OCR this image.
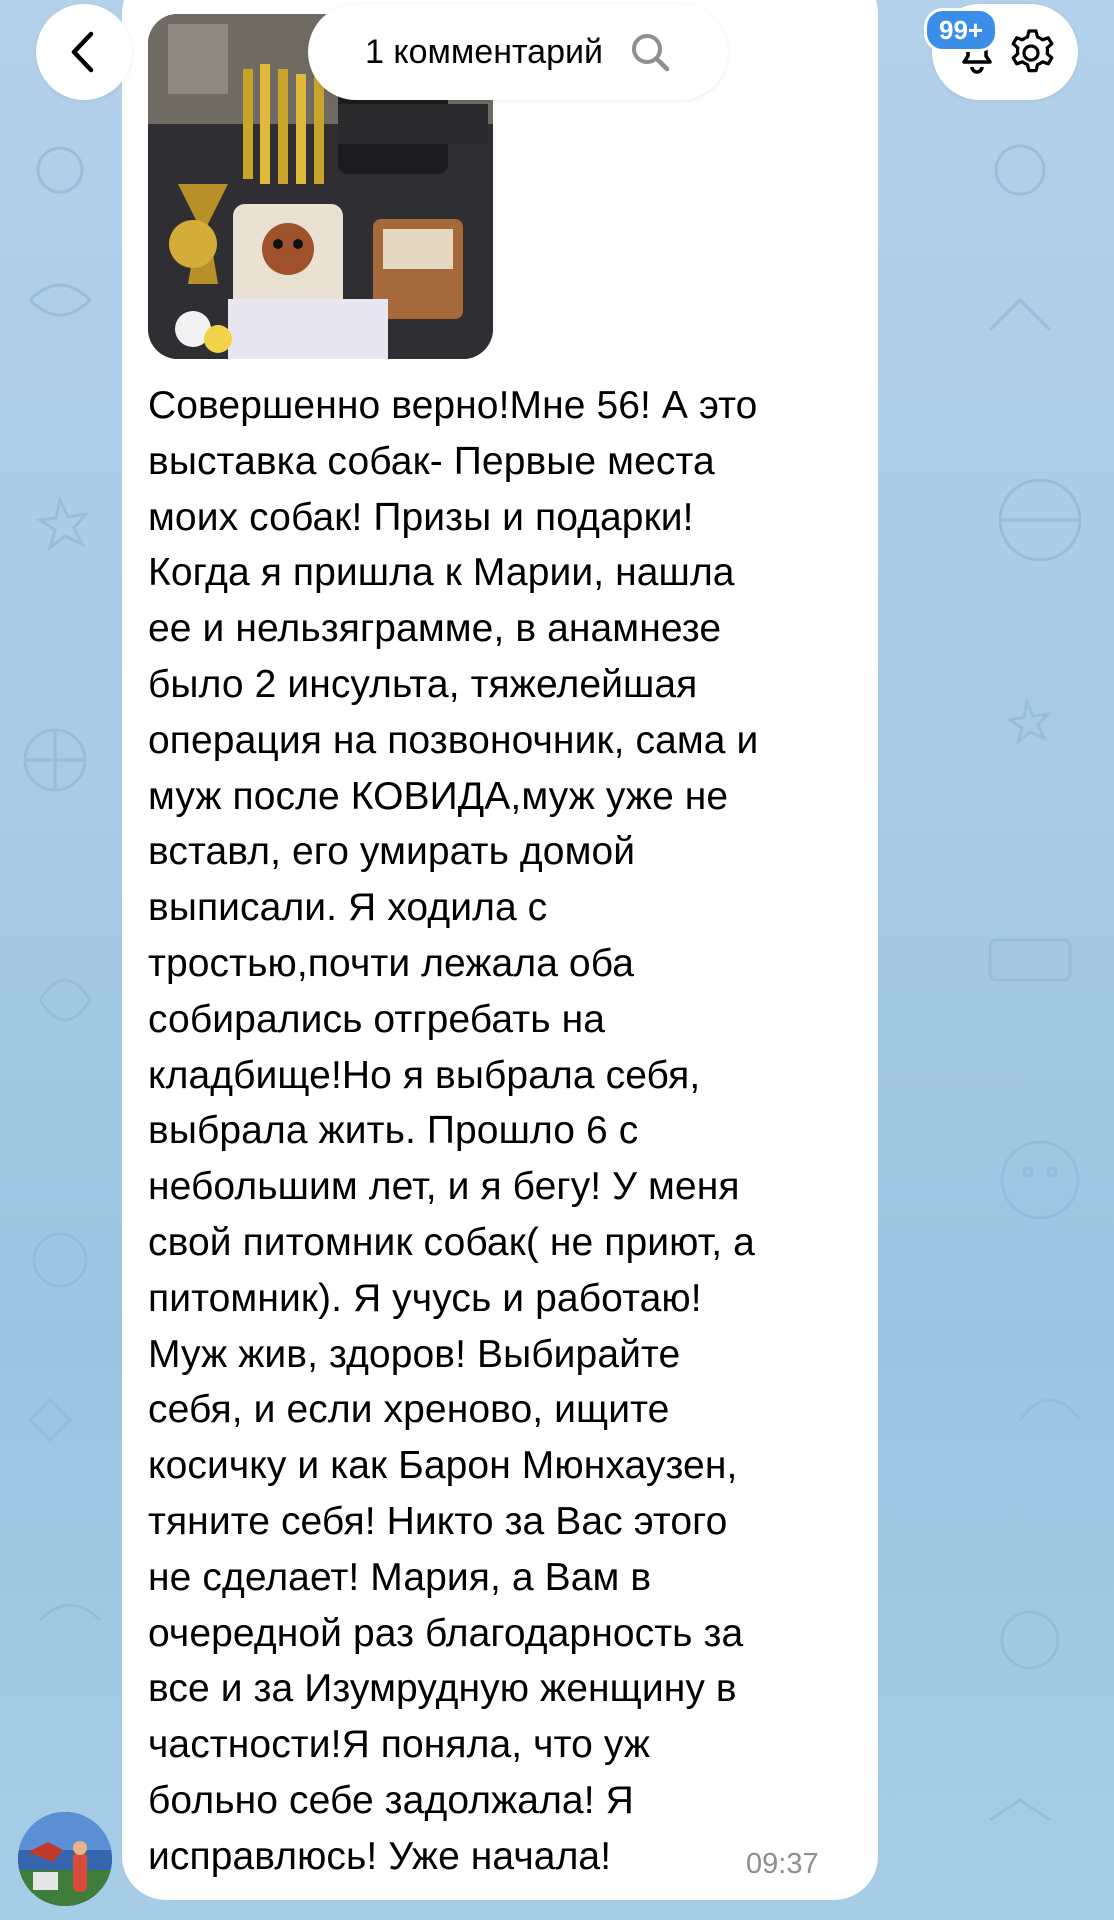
Совершенно верно!Мне 56! А это
выставка собак- Первые места
моих собак! Призы и подарки!
Когда я пришла к Марии, нашла
ее и нельзяграмме, в анамнезе
было 2 инсульта, тяжелейшая
операция на позвоночник, сама и
муж после КОВИДА,муж уже не
вставл, его умирать домой
выписали. Я ходила с
тростью,почти лежала оба
собирались отгребать на
кладбище!Но я выбрала себя,
выбрала жить. Прошло 6 с
небольшим лет, и я бегу! У меня
свой питомник собак( не приют, а
питомник). Я учусь и работаю!
Муж жив, здоров! Выбирайте
себя, и если хреново, ищите
косичку и как Барон Мюнхаузен,
тяните себя! Никто за Вас этого
не сделает! Мария, а Вам в
очередной раз благодарность за
все и за Изумрудную женщину в
частности!Я поняла, что уж
больно себе задолжала! Я
исправлюсь! Уже начала!	09:37
1 комментарий
99+
